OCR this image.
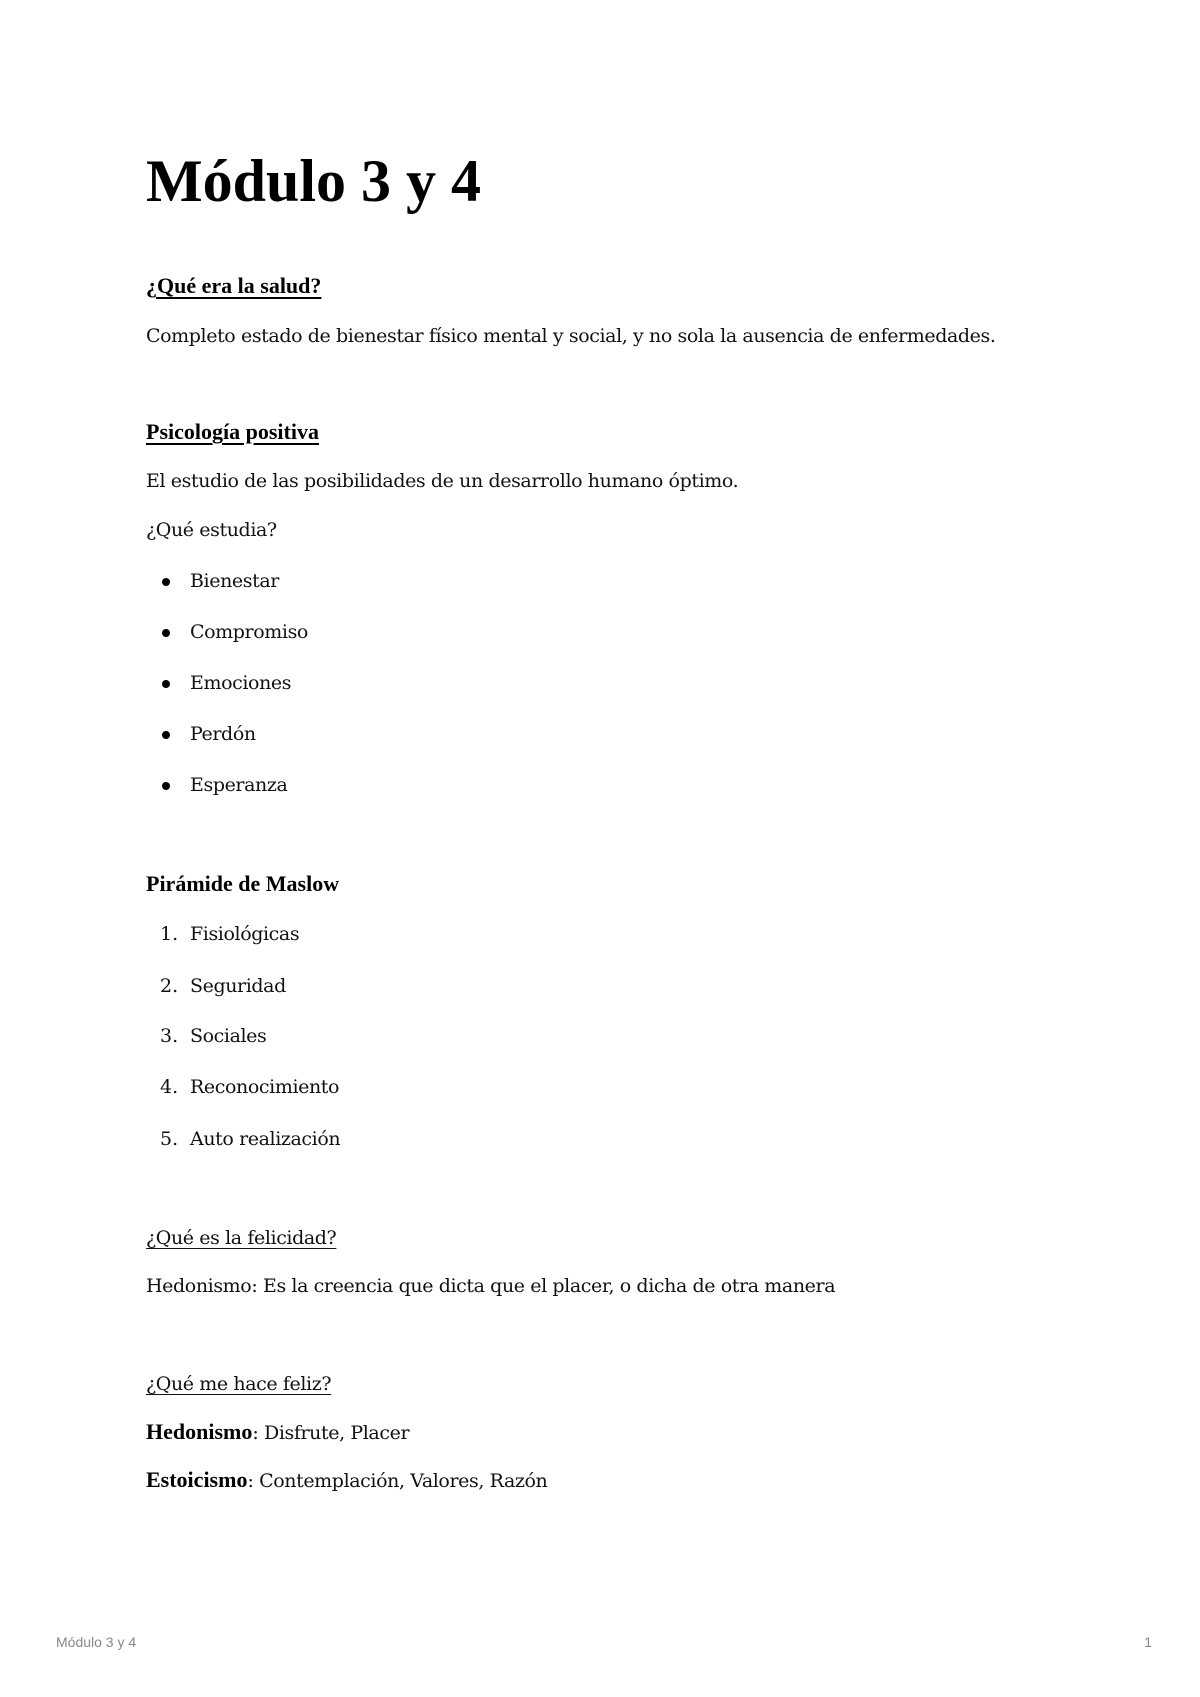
Módulo 3 y 4
¿Qué era la salud?
Completo estado de bienestar físico mental y social, y no sola la ausencia de enfermedades.
Psicología positiva
El estudio de las posibilidades de un desarrollo humano óptimo.
¿Qué estudia?
Bienestar
Compromiso
Emociones
Perdón
Esperanza
Pirámide de Maslow
1. Fisiológicas
2. Seguridad
3. Sociales
4. Reconocimiento
5. Auto realización
¿Qué es la felicidad?
Hedonismo: Es la creencia que dicta que el placer, o dicha de otra manera
¿Qué me hace feliz?
Hedonismo: Disfrute, Placer
Estoicismo: Contemplación, Valores, Razón
Módulo 3 y 4	1
